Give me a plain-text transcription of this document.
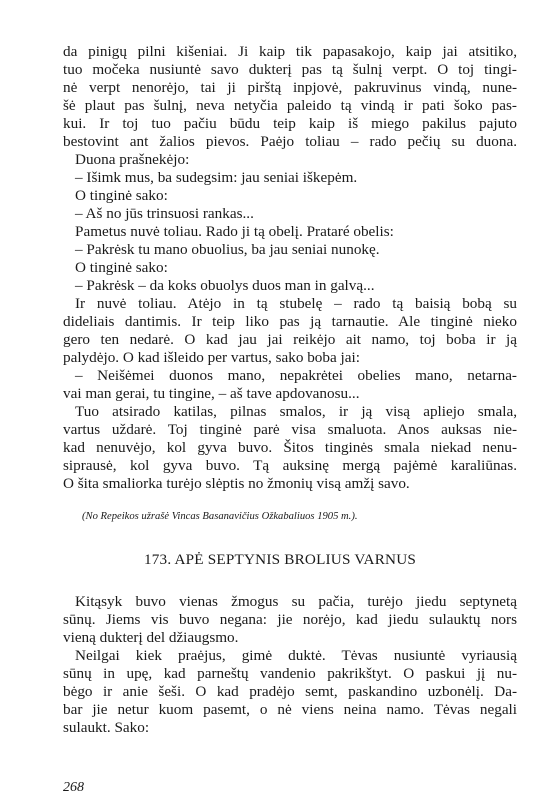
da pinigų pilni kišeniai. Ji kaip tik papasakojo, kaip jai atsitiko,
tuo močeka nusiuntė savo dukterį pas tą šulnį verpt. O toj tingi-
nė verpt nenorėjo, tai ji pirštą inpjovė, pakruvinus vindą, nune-
šė plaut pas šulnį, neva netyčia paleido tą vindą ir pati šoko pas-
kui. Ir toj tuo pačiu būdu teip kaip iš miego pakilus pajuto
bestovint ant žalios pievos. Paėjo toliau – rado pečių su duona.
Duona prašnekėjo:
– Išimk mus, ba sudegsim: jau seniai iškepėm.
O tinginė sako:
– Aš no jūs trinsuosi rankas...
Pametus nuvė toliau. Rado ji tą obelį. Prataré obelis:
– Pakrėsk tu mano obuolius, ba jau seniai nunokę.
O tinginė sako:
– Pakrėsk – da koks obuolys duos man in galvą...
Ir nuvė toliau. Atėjo in tą stubelę – rado tą baisią bobą su
dideliais dantimis. Ir teip liko pas ją tarnautie. Ale tinginė nieko
gero ten nedarė. O kad jau jai reikėjo ait namo, toj boba ir ją
palydėjo. O kad išleido per vartus, sako boba jai:
– Neišėmei duonos mano, nepakrėtei obelies mano, netarna-
vai man gerai, tu tingine, – aš tave apdovanosu...
Tuo atsirado katilas, pilnas smalos, ir ją visą apliejo smala,
vartus uždarė. Toj tinginė parė visa smaluota. Anos auksas nie-
kad nenuvėjo, kol gyva buvo. Šitos tinginės smala niekad nenu-
siprausė, kol gyva buvo. Tą auksinę mergą pajėmė karaliūnas.
O šita smaliorka turėjo slėptis no žmonių visą amžį savo.
(No Repeikos užrašė Vincas Basanavičius Ožkabaliuos 1905 m.).
173. APĖ SEPTYNIS BROLIUS VARNUS
Kitąsyk buvo vienas žmogus su pačia, turėjo jiedu septynetą
sūnų. Jiems vis buvo negana: jie norėjo, kad jiedu sulauktų nors
vieną dukterį del džiaugsmo.
Neilgai kiek praėjus, gimė duktė. Tėvas nusiuntė vyriausią
sūnų in upę, kad parneštų vandenio pakrikštyt. O paskui jį nu-
bėgo ir anie šeši. O kad pradėjo semt, paskandino uzbonėlį. Da-
bar jie netur kuom pasemt, o nė viens neina namo. Tėvas negali
sulaukt. Sako:
268
